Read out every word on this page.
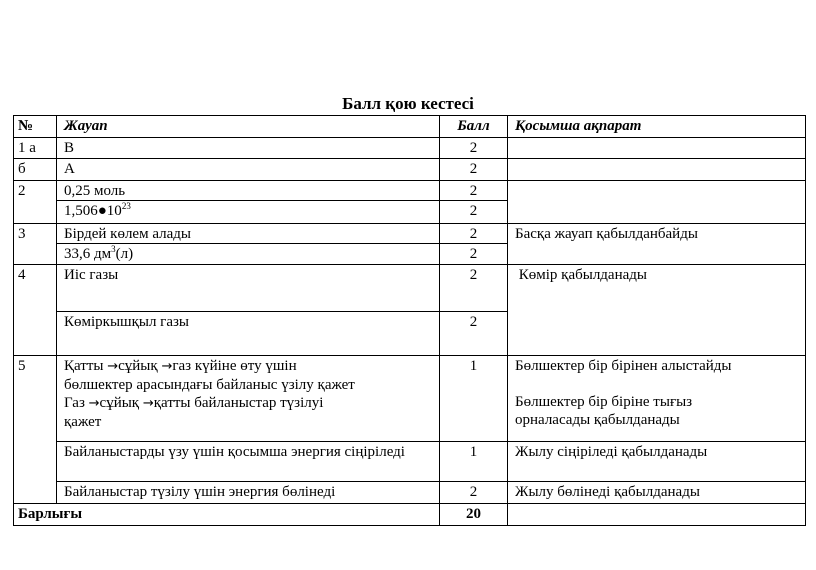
Балл қою кестесі
№	Жауап	Балл	Қосымша ақпарат
1 а	В	2	
б	А	2	
2	0,25 моль	2	
	$1,506●10^{23}$	2	
3	Бірдей көлем алады	2	Басқа жауап қабылданбайды
	33,6 $дм^3(л)$	2	
4	Иіс газы	2	Көмір қабылданады
	Көміркышқыл газы	2	
5	Қатты →сұйық →газ күйіне өту үшін
бөлшектер арасындағы байланыс үзілу қажет
Газ →сұйық →қатты байланыстар түзілуі
қажет	1	Бөлшектер бір бірінен алыстайды
Бөлшектер бір біріне тығыз
орналасады қабылданады
	Байланыстарды үзу үшін қосымша энергия сіңіріледі	1	Жылу сіңіріледі қабылданады
	Байланыстар түзілу үшін энергия бөлінеді	2	Жылу бөлінеді қабылданады
Барлығы		20	
